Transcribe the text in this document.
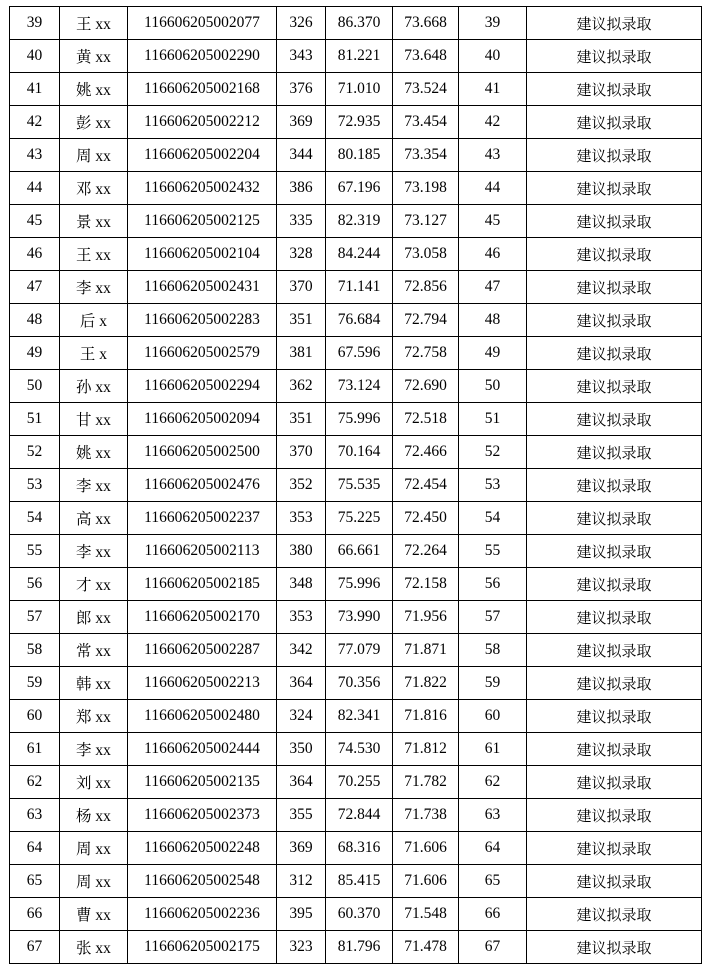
39	王 xx	116606205002077	326	86.370	73.668	39	建议拟录取
40	黄 xx	116606205002290	343	81.221	73.648	40	建议拟录取
41	姚 xx	116606205002168	376	71.010	73.524	41	建议拟录取
42	彭 xx	116606205002212	369	72.935	73.454	42	建议拟录取
43	周 xx	116606205002204	344	80.185	73.354	43	建议拟录取
44	邓 xx	116606205002432	386	67.196	73.198	44	建议拟录取
45	景 xx	116606205002125	335	82.319	73.127	45	建议拟录取
46	王 xx	116606205002104	328	84.244	73.058	46	建议拟录取
47	李 xx	116606205002431	370	71.141	72.856	47	建议拟录取
48	后 x	116606205002283	351	76.684	72.794	48	建议拟录取
49	王 x	116606205002579	381	67.596	72.758	49	建议拟录取
50	孙 xx	116606205002294	362	73.124	72.690	50	建议拟录取
51	甘 xx	116606205002094	351	75.996	72.518	51	建议拟录取
52	姚 xx	116606205002500	370	70.164	72.466	52	建议拟录取
53	李 xx	116606205002476	352	75.535	72.454	53	建议拟录取
54	高 xx	116606205002237	353	75.225	72.450	54	建议拟录取
55	李 xx	116606205002113	380	66.661	72.264	55	建议拟录取
56	才 xx	116606205002185	348	75.996	72.158	56	建议拟录取
57	郎 xx	116606205002170	353	73.990	71.956	57	建议拟录取
58	常 xx	116606205002287	342	77.079	71.871	58	建议拟录取
59	韩 xx	116606205002213	364	70.356	71.822	59	建议拟录取
60	郑 xx	116606205002480	324	82.341	71.816	60	建议拟录取
61	李 xx	116606205002444	350	74.530	71.812	61	建议拟录取
62	刘 xx	116606205002135	364	70.255	71.782	62	建议拟录取
63	杨 xx	116606205002373	355	72.844	71.738	63	建议拟录取
64	周 xx	116606205002248	369	68.316	71.606	64	建议拟录取
65	周 xx	116606205002548	312	85.415	71.606	65	建议拟录取
66	曹 xx	116606205002236	395	60.370	71.548	66	建议拟录取
67	张 xx	116606205002175	323	81.796	71.478	67	建议拟录取
